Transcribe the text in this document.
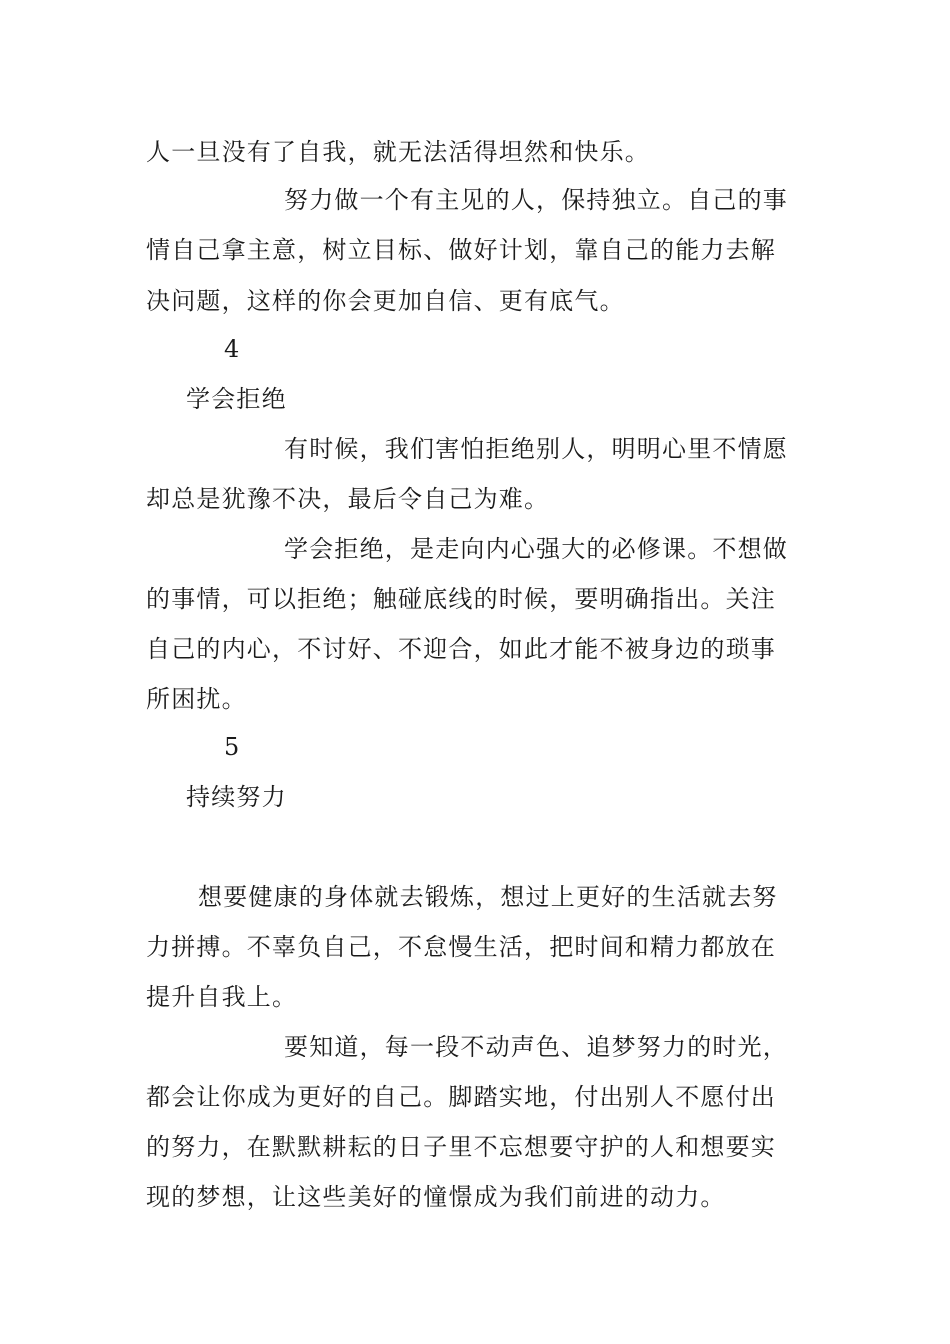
人一旦没有了自我，就无法活得坦然和快乐。
努力做一个有主见的人，保持独立。自己的事
情自己拿主意，树立目标、做好计划，靠自己的能力去解
决问题，这样的你会更加自信、更有底气。
4
学会拒绝
有时候，我们害怕拒绝别人，明明心里不情愿
却总是犹豫不决，最后令自己为难。
学会拒绝，是走向内心强大的必修课。不想做
的事情，可以拒绝；触碰底线的时候，要明确指出。关注
自己的内心，不讨好、不迎合，如此才能不被身边的琐事
所困扰。
5
持续努力
想要健康的身体就去锻炼，想过上更好的生活就去努
力拼搏。不辜负自己，不怠慢生活，把时间和精力都放在
提升自我上。
要知道，每一段不动声色、追梦努力的时光，
都会让你成为更好的自己。脚踏实地，付出别人不愿付出
的努力，在默默耕耘的日子里不忘想要守护的人和想要实
现的梦想，让这些美好的憧憬成为我们前进的动力。
